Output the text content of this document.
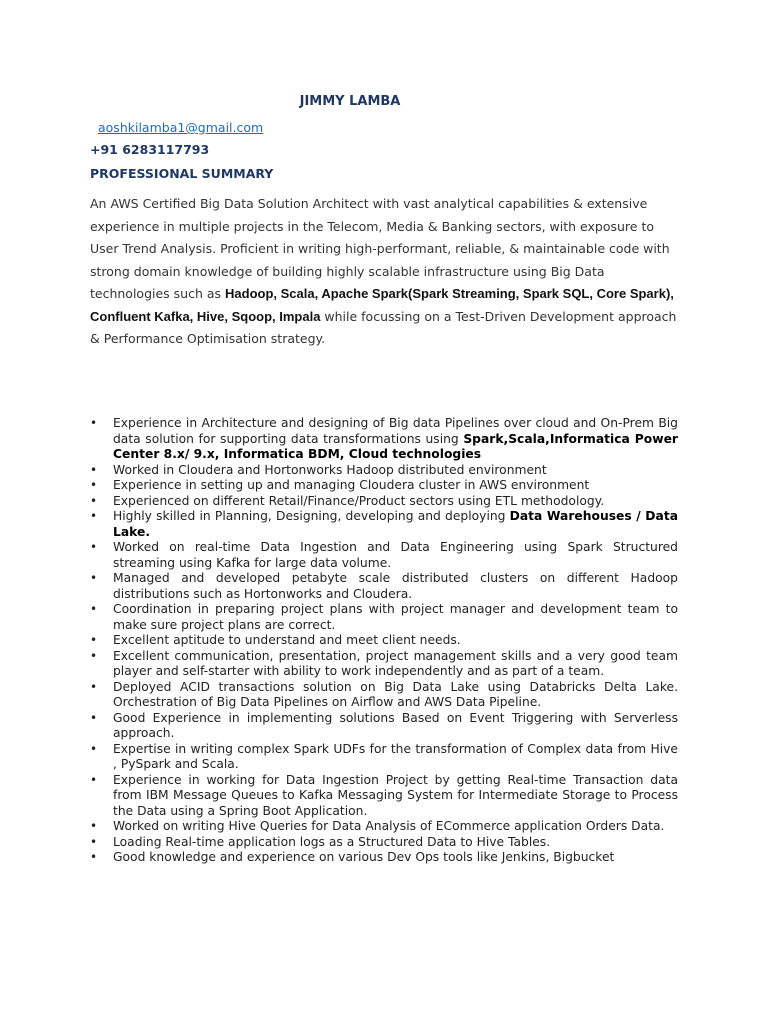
JIMMY LAMBA
aoshkilamba1@gmail.com
+91 6283117793
PROFESSIONAL SUMMARY
An AWS Certified Big Data Solution Architect with vast analytical capabilities & extensive experience in multiple projects in the Telecom, Media & Banking sectors, with exposure to User Trend Analysis. Proficient in writing high-performant, reliable, & maintainable code with strong domain knowledge of building highly scalable infrastructure using Big Data technologies such as Hadoop, Scala, Apache Spark(Spark Streaming, Spark SQL, Core Spark), Confluent Kafka, Hive, Sqoop, Impala while focussing on a Test-Driven Development approach & Performance Optimisation strategy.
• Experience in Architecture and designing of Big data Pipelines over cloud and On-Prem Big data solution for supporting data transformations using Spark,Scala,Informatica Power Center 8.x/ 9.x, Informatica BDM, Cloud technologies
• Worked in Cloudera and Hortonworks Hadoop distributed environment
• Experience in setting up and managing Cloudera cluster in AWS environment
• Experienced on different Retail/Finance/Product sectors using ETL methodology.
• Highly skilled in Planning, Designing, developing and deploying Data Warehouses / Data Lake.
• Worked on real-time Data Ingestion and Data Engineering using Spark Structured streaming using Kafka for large data volume.
• Managed and developed petabyte scale distributed clusters on different Hadoop distributions such as Hortonworks and Cloudera.
• Coordination in preparing project plans with project manager and development team to make sure project plans are correct.
• Excellent aptitude to understand and meet client needs.
• Excellent communication, presentation, project management skills and a very good team player and self-starter with ability to work independently and as part of a team.
• Deployed ACID transactions solution on Big Data Lake using Databricks Delta Lake. Orchestration of Big Data Pipelines on Airflow and AWS Data Pipeline.
• Good Experience in implementing solutions Based on Event Triggering with Serverless approach.
• Expertise in writing complex Spark UDFs for the transformation of Complex data from Hive , PySpark and Scala.
• Experience in working for Data Ingestion Project by getting Real-time Transaction data from IBM Message Queues to Kafka Messaging System for Intermediate Storage to Process the Data using a Spring Boot Application.
• Worked on writing Hive Queries for Data Analysis of ECommerce application Orders Data.
• Loading Real-time application logs as a Structured Data to Hive Tables.
• Good knowledge and experience on various Dev Ops tools like Jenkins, Bigbucket
